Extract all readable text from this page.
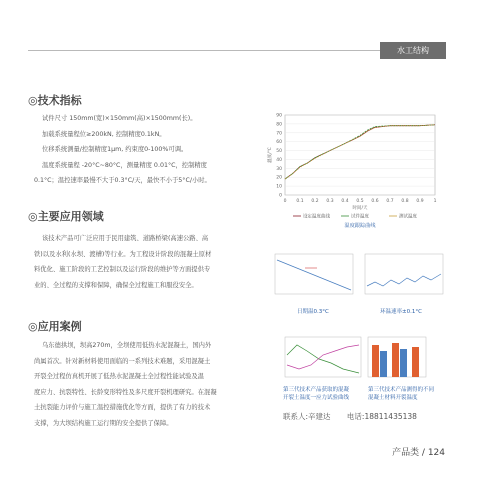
水工结构
◎技术指标

试件尺寸 150mm(宽)×150mm(高)×1500mm(长)。

加载系统量程位≥200kN, 控制精度0.1kN。

位移系统测量/控制精度1μm, 约束度0-100%可调。

温度系统量程 -20°C~80°C，测量精度 0.01°C，控制精度

0.1°C；温控速率最慢不大于0.3°C/天，最快不小于5°C/小时。

◎主要应用领域

该技术产品可广泛应用于民用建筑、道路桥梁(高速公路、高

铁)以及水利(水坝、渡槽)等行业。为工程设计阶段的混凝土原材

料优化、施工阶段的工艺控制以及运行阶段的维护等方面提供专

业的、全过程的支撑和保障，确保全过程施工和服役安全。

◎应用案例

乌东德拱坝，坝高270m，全坝使用低热水泥混凝土，国内外

尚属首次。针对新材料使用面临的一系列技术难题，采用混凝土

开裂全过程仿真机开展了低热水泥混凝土全过程性能试验及温

度应力、抗裂特性、长龄变形特性及多尺度开裂机理研究。在混凝

土抗裂能力评价与施工温控措施优化等方面，提供了有力的技术

支撑，为大坝结构施工运行期的安全提供了保障。

90
80
70
60
50
40
30
20
10
0
0 0.1 0.2 0.3 0.4 0.5 0.6 0.7 0.8 0.9 1
时间/天
温度/℃
设定温度曲线	试件温度	测试温度
温度跟踪曲线
日期温0.3°C	环温速率±0.1°C
第三代技术产品获取的混凝
开裂土温度一应力试验曲线
第三代技术产品测得的不同
混凝土材料开裂温度
联系人:辛建达 电话:18811435138
产品类 / 124
